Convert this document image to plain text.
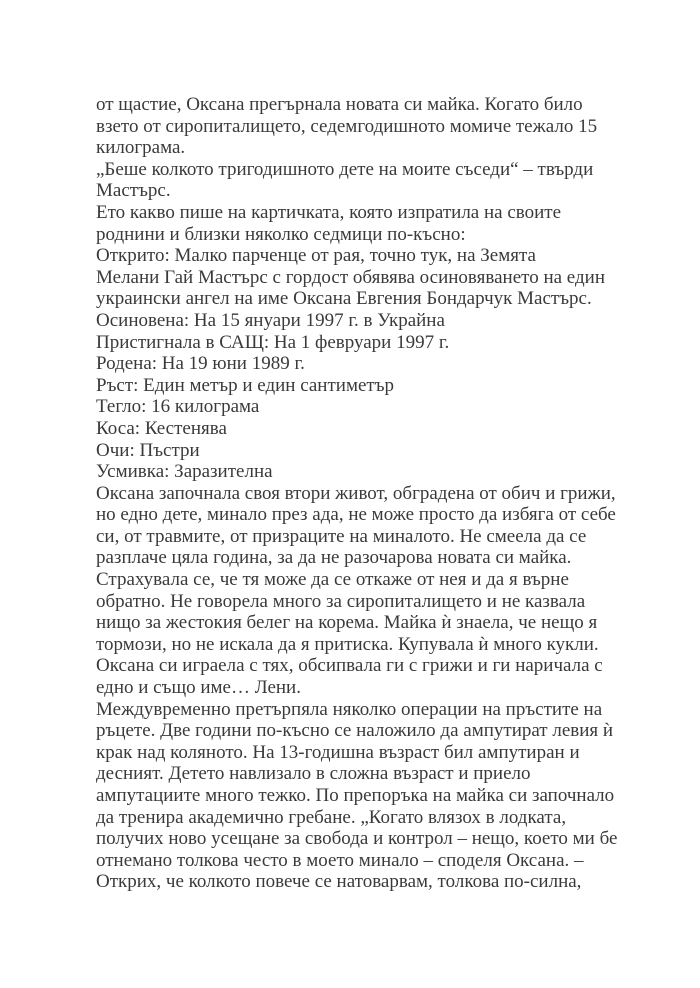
от щастие, Оксана прегърнала новата си майка. Когато било
взето от сиропиталището, седемгодишното момиче тежало 15
килограма.
„Беше колкото тригодишното дете на моите съседи“ – твърди
Мастърс.
Ето какво пише на картичката, която изпратила на своите
роднини и близки няколко седмици по-късно:
Открито: Малко парченце от рая, точно тук, на Земята
Мелани Гай Мастърс с гордост обявява осиновяването на един
украински ангел на име Оксана Евгения Бондарчук Мастърс.
Осиновена: На 15 януари 1997 г. в Украйна
Пристигнала в САЩ: На 1 февруари 1997 г.
Родена: На 19 юни 1989 г.
Ръст: Един метър и един сантиметър
Тегло: 16 килограма
Коса: Кестенява
Очи: Пъстри
Усмивка: Заразителна
Оксана започнала своя втори живот, обградена от обич и грижи,
но едно дете, минало през ада, не може просто да избяга от себе
си, от травмите, от призраците на миналото. Не смеела да се
разплаче цяла година, за да не разочарова новата си майка.
Страхувала се, че тя може да се откаже от нея и да я върне
обратно. Не говорела много за сиропиталището и не казвала
нищо за жестокия белег на корема. Майка ѝ знаела, че нещо я
тормози, но не искала да я притиска. Купувала ѝ много кукли.
Оксана си играела с тях, обсипвала ги с грижи и ги наричала с
едно и също име… Лени.
Междувременно претърпяла няколко операции на пръстите на
ръцете. Две години по-късно се наложило да ампутират левия ѝ
крак над коляното. На 13-годишна възраст бил ампутиран и
десният. Детето навлизало в сложна възраст и приело
ампутациите много тежко. По препоръка на майка си започнало
да тренира академично гребане. „Когато влязох в лодката,
получих ново усещане за свобода и контрол – нещо, което ми бе
отнемано толкова често в моето минало – споделя Оксана. –
Открих, че колкото повече се натоварвам, толкова по-силна,
